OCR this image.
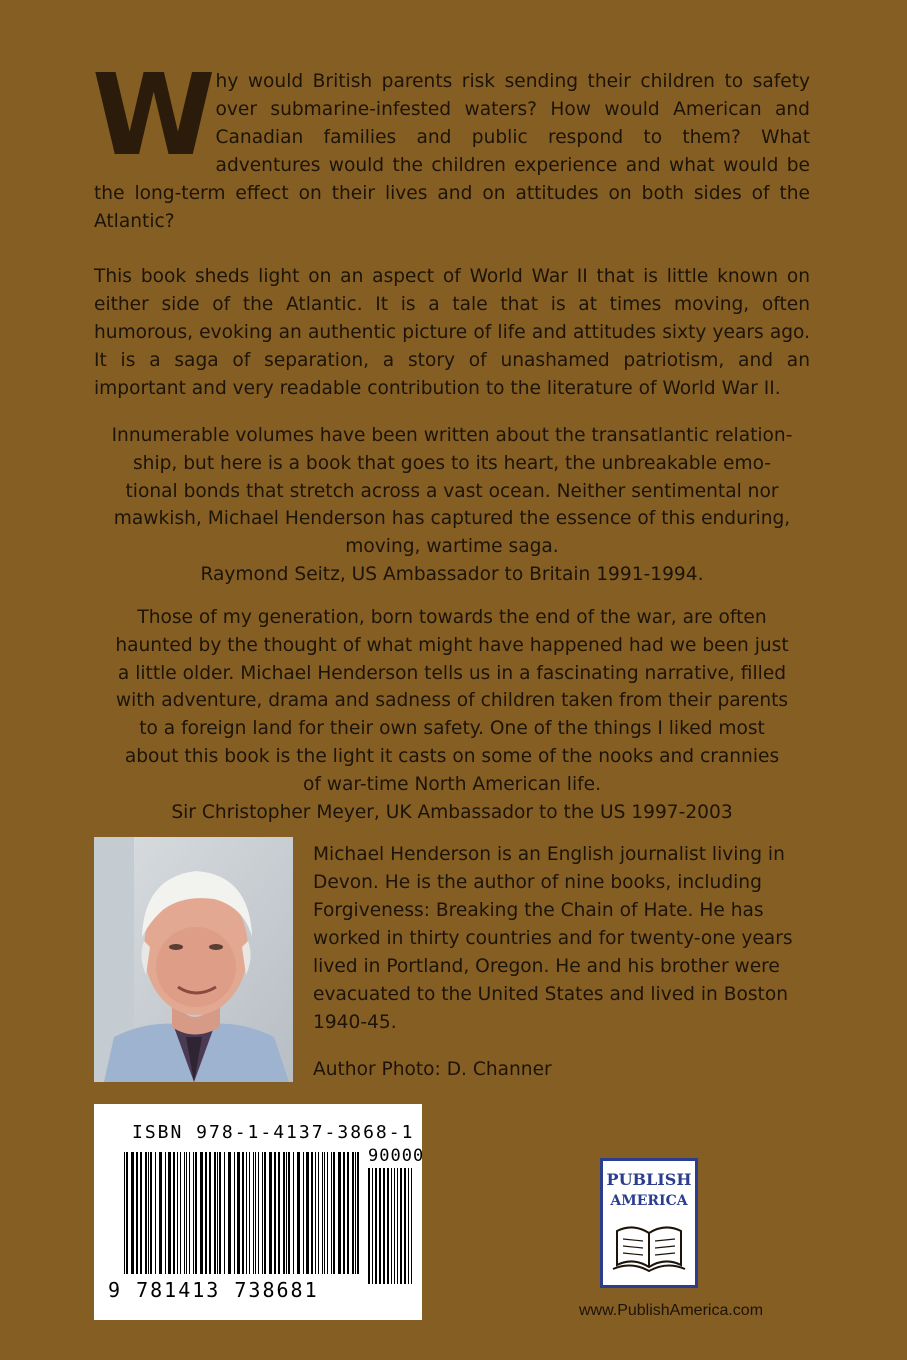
Why would British parents risk sending their children to safety over submarine-infested waters? How would American and Canadian families and public respond to them? What adventures would the children experience and what would be the long-term effect on their lives and on attitudes on both sides of the Atlantic?

This book sheds light on an aspect of World War II that is little known on either side of the Atlantic. It is a tale that is at times moving, often humorous, evoking an authentic picture of life and attitudes sixty years ago. It is a saga of separation, a story of unashamed patriotism, and an important and very readable contribution to the literature of World War II.

Innumerable volumes have been written about the transatlantic relation-

ship, but here is a book that goes to its heart, the unbreakable emo-

tional bonds that stretch across a vast ocean. Neither sentimental nor

mawkish, Michael Henderson has captured the essence of this enduring,

moving, wartime saga.

Raymond Seitz, US Ambassador to Britain 1991-1994.

Those of my generation, born towards the end of the war, are often

haunted by the thought of what might have happened had we been just

a little older. Michael Henderson tells us in a fascinating narrative, filled

with adventure, drama and sadness of children taken from their parents

to a foreign land for their own safety. One of the things I liked most

about this book is the light it casts on some of the nooks and crannies

of war-time North American life.

Sir Christopher Meyer, UK Ambassador to the US 1997-2003

Michael Henderson is an English journalist living in

Devon. He is the author of nine books, including

Forgiveness: Breaking the Chain of Hate. He has

worked in thirty countries and for twenty-one years

lived in Portland, Oregon. He and his brother were

evacuated to the United States and lived in Boston

1940-45.

Author Photo: D. Channer

ISBN 978-1-4137-3868-1
90000
9 781413 738681
PUBLISH
AMERICA
www.PublishAmerica.com
